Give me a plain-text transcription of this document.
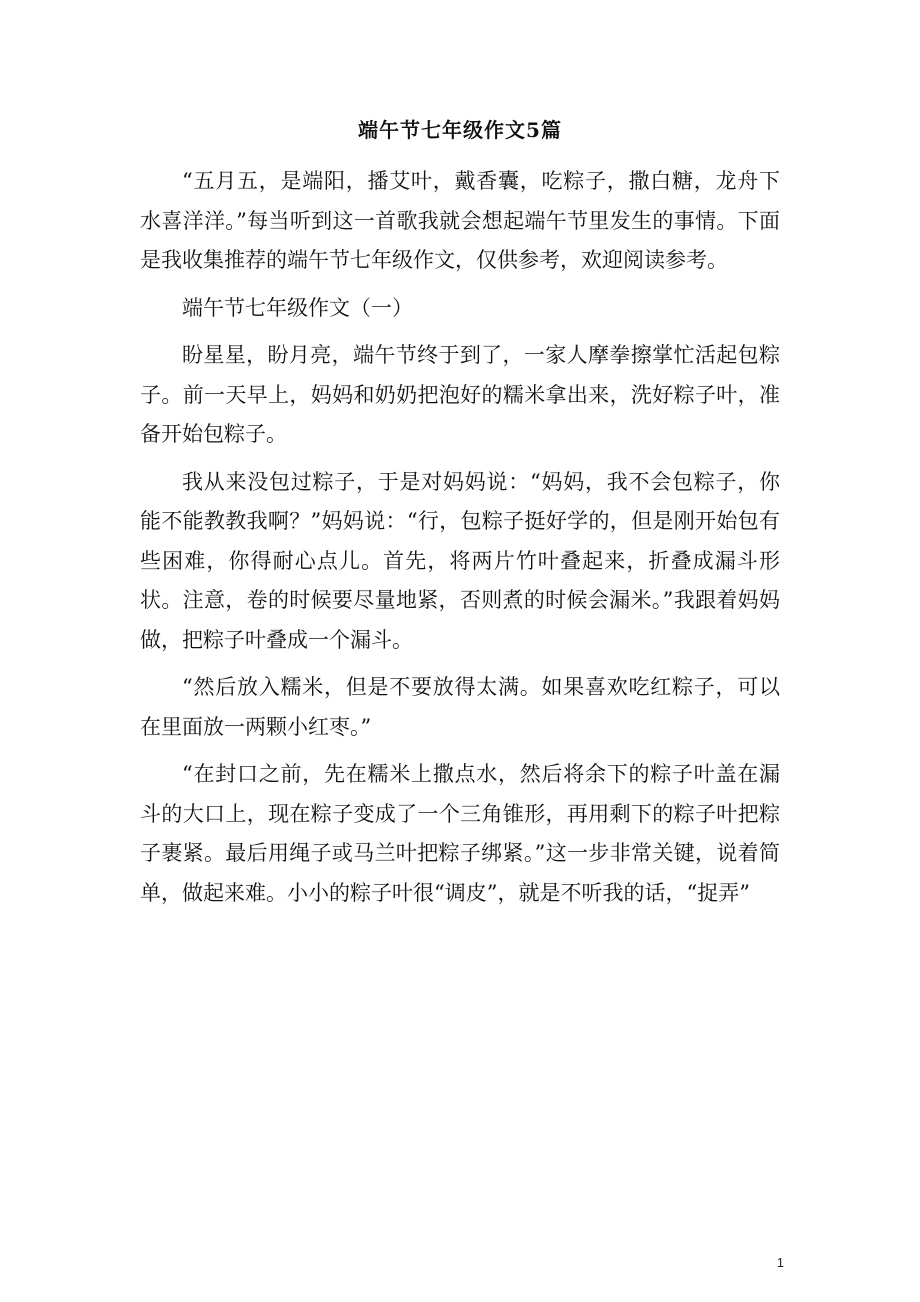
端午节七年级作文5篇

“五月五，是端阳，播艾叶，戴香囊，吃粽子，撒白糖，龙舟下水喜洋洋。”每当听到这一首歌我就会想起端午节里发生的事情。下面是我收集推荐的端午节七年级作文，仅供参考，欢迎阅读参考。

端午节七年级作文（一）

盼星星，盼月亮，端午节终于到了，一家人摩拳擦掌忙活起包粽子。前一天早上，妈妈和奶奶把泡好的糯米拿出来，洗好粽子叶，准备开始包粽子。

我从来没包过粽子，于是对妈妈说：“妈妈，我不会包粽子，你能不能教教我啊？”妈妈说：“行，包粽子挺好学的，但是刚开始包有些困难，你得耐心点儿。首先，将两片竹叶叠起来，折叠成漏斗形状。注意，卷的时候要尽量地紧，否则煮的时候会漏米。”我跟着妈妈做，把粽子叶叠成一个漏斗。

“然后放入糯米，但是不要放得太满。如果喜欢吃红粽子，可以在里面放一两颗小红枣。”

“在封口之前，先在糯米上撒点水，然后将余下的粽子叶盖在漏斗的大口上，现在粽子变成了一个三角锥形，再用剩下的粽子叶把粽子裹紧。最后用绳子或马兰叶把粽子绑紧。”这一步非常关键，说着简单，做起来难。小小的粽子叶很“调皮”，就是不听我的话，“捉弄”

1
